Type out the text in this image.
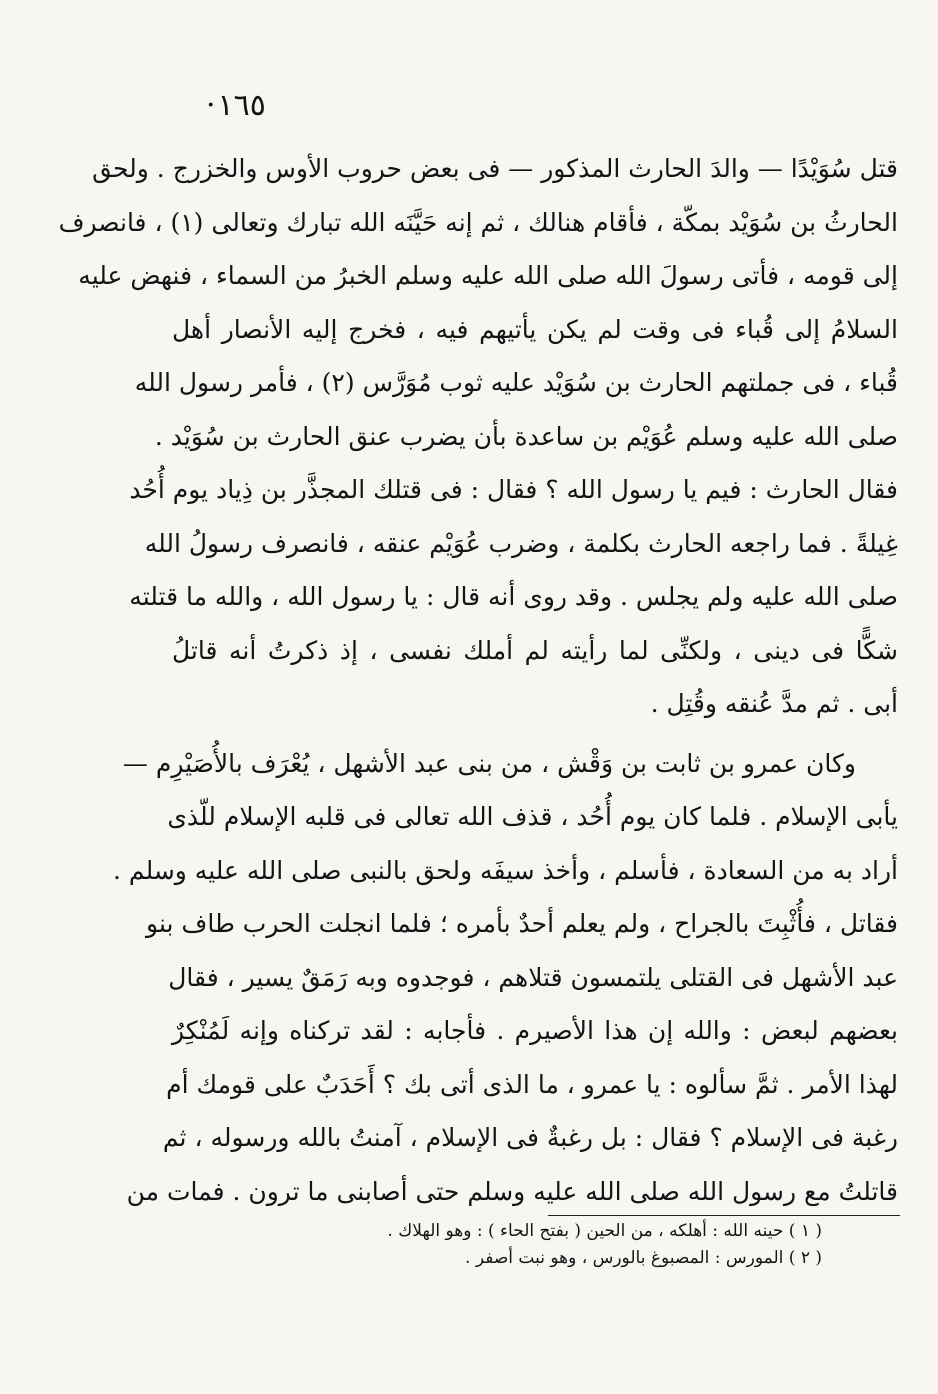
١٦٥·
قتل سُوَيْدًا — والدَ الحارث المذكور — فى بعض حروب الأوس والخزرج . ولحق
الحارثُ بن سُوَيْد بمكّة ، فأقام هنالك ، ثم إنه حَيَّنَه الله تبارك وتعالى (١) ، فانصرف
إلى قومه ، فأتى رسولَ الله صلى الله عليه وسلم الخبرُ من السماء ، فنهض عليه
السلامُ إلى قُباء فى وقت لم يكن يأتيهم فيه ، فخرج إليه الأنصار أهل
قُباء ، فى جملتهم الحارث بن سُوَيْد عليه ثوب مُوَرَّس (٢) ، فأمر رسول الله
صلى الله عليه وسلم عُوَيْم بن ساعدة بأن يضرب عنق الحارث بن سُوَيْد .
فقال الحارث : فيم يا رسول الله ؟ فقال : فى قتلك المجذَّر بن ذِياد يوم أُحُد
غِيلةً . فما راجعه الحارث بكلمة ، وضرب عُوَيْم عنقه ، فانصرف رسولُ الله
صلى الله عليه ولم يجلس . وقد روى أنه قال : يا رسول الله ، والله ما قتلته
شكًّا فى دينى ، ولكنِّى لما رأيته لم أملك نفسى ، إذ ذكرتُ أنه قاتلُ
أبى . ثم مدَّ عُنقه وقُتِل .
وكان عمرو بن ثابت بن وَقْش ، من بنى عبد الأشهل ، يُعْرَف بالأُصَيْرِم —
يأبى الإسلام . فلما كان يوم أُحُد ، قذف الله تعالى فى قلبه الإسلام للّذى
أراد به من السعادة ، فأسلم ، وأخذ سيفَه ولحق بالنبى صلى الله عليه وسلم .
فقاتل ، فأُثْبِتَ بالجراح ، ولم يعلم أحدٌ بأمره ؛ فلما انجلت الحرب طاف بنو
عبد الأشهل فى القتلى يلتمسون قتلاهم ، فوجدوه وبه رَمَقٌ يسير ، فقال
بعضهم لبعض : والله إن هذا الأصيرم . فأجابه : لقد تركناه وإنه لَمُنْكِرٌ
لهذا الأمر . ثمَّ سألوه : يا عمرو ، ما الذى أتى بك ؟ أَحَدَبٌ على قومك أم
رغبة فى الإسلام ؟ فقال : بل رغبةٌ فى الإسلام ، آمنتُ بالله ورسوله ، ثم
قاتلتُ مع رسول الله صلى الله عليه وسلم حتى أصابنى ما ترون . فمات من
( ١ ) حينه الله : أهلكه ، من الحين ( بفتح الحاء ) : وهو الهلاك .
( ٢ ) المورس : المصبوغ بالورس ، وهو نبت أصفر .
